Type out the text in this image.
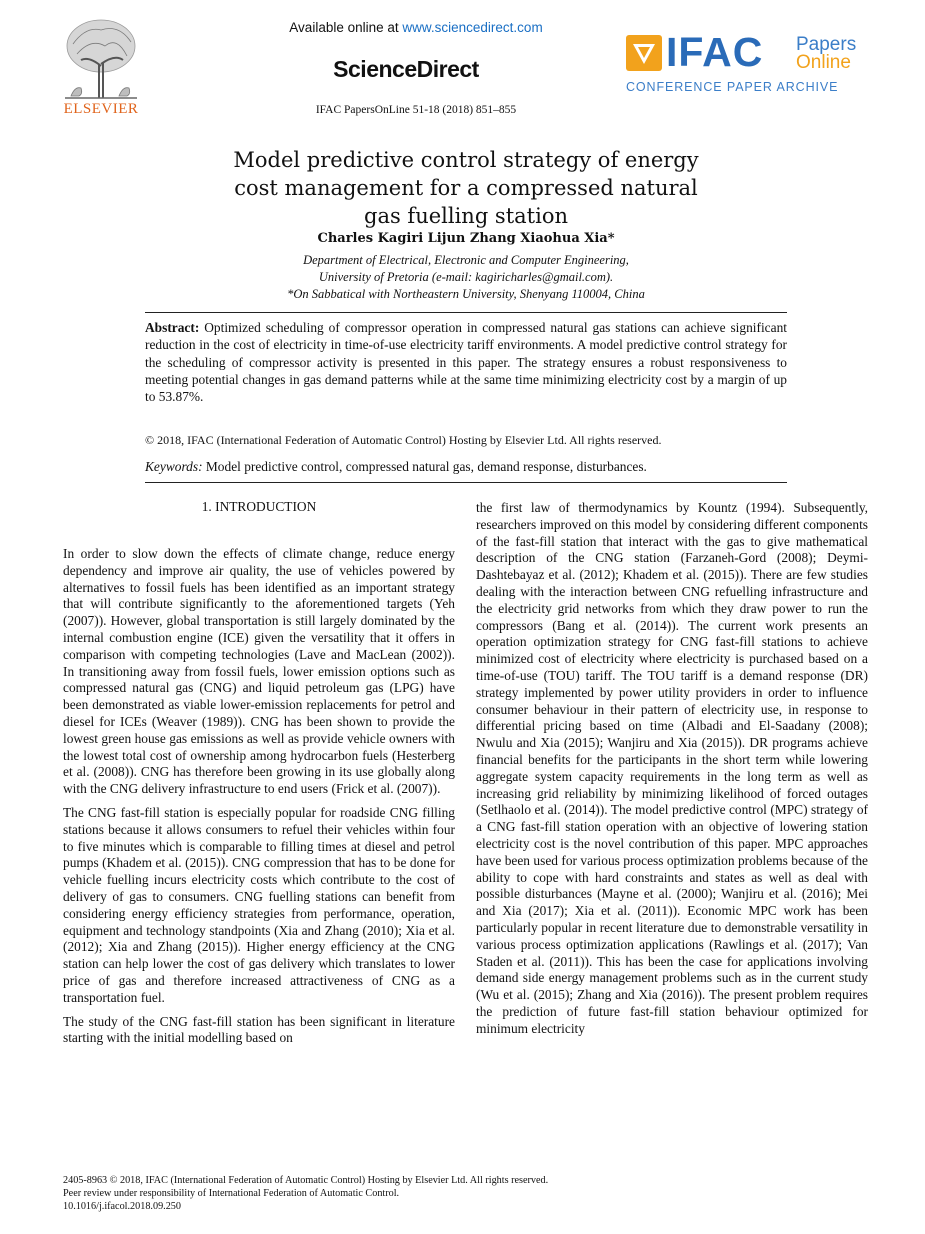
ELSEVIER
Available online at www.sciencedirect.com
ScienceDirect
IFAC PapersOnLine 51-18 (2018) 851–855
IFAC Papers
Online
CONFERENCE PAPER ARCHIVE
Model predictive control strategy of energy
cost management for a compressed natural
gas fuelling station
Charles Kagiri Lijun Zhang Xiaohua Xia*
Department of Electrical, Electronic and Computer Engineering,
University of Pretoria (e-mail: kagiricharles@gmail.com).
*On Sabbatical with Northeastern University, Shenyang 110004, China
Abstract: Optimized scheduling of compressor operation in compressed natural gas stations can achieve significant reduction in the cost of electricity in time-of-use electricity tariff environments. A model predictive control strategy for the scheduling of compressor activity is presented in this paper. The strategy ensures a robust responsiveness to meeting potential changes in gas demand patterns while at the same time minimizing electricity cost by a margin of up to 53.87%.
© 2018, IFAC (International Federation of Automatic Control) Hosting by Elsevier Ltd. All rights reserved.
Keywords: Model predictive control, compressed natural gas, demand response, disturbances.
1. INTRODUCTION

In order to slow down the effects of climate change, reduce energy dependency and improve air quality, the use of vehicles powered by alternatives to fossil fuels has been identified as an important strategy that will contribute significantly to the aforementioned targets (Yeh (2007)). However, global transportation is still largely dominated by the internal combustion engine (ICE) given the versatility that it offers in comparison with competing technologies (Lave and MacLean (2002)). In transitioning away from fossil fuels, lower emission options such as compressed natural gas (CNG) and liquid petroleum gas (LPG) have been demonstrated as viable lower-emission replacements for petrol and diesel for ICEs (Weaver (1989)). CNG has been shown to provide the lowest green house gas emissions as well as provide vehicle owners with the lowest total cost of ownership among hydrocarbon fuels (Hesterberg et al. (2008)). CNG has therefore been growing in its use globally along with the CNG delivery infrastructure to end users (Frick et al. (2007)).

The CNG fast-fill station is especially popular for roadside CNG filling stations because it allows consumers to refuel their vehicles within four to five minutes which is comparable to filling times at diesel and petrol pumps (Khadem et al. (2015)). CNG compression that has to be done for vehicle fuelling incurs electricity costs which contribute to the cost of delivery of gas to consumers. CNG fuelling stations can benefit from considering energy efficiency strategies from performance, operation, equipment and technology standpoints (Xia and Zhang (2010); Xia et al. (2012); Xia and Zhang (2015)). Higher energy efficiency at the CNG station can help lower the cost of gas delivery which translates to lower price of gas and therefore increased attractiveness of CNG as a transportation fuel.

The study of the CNG fast-fill station has been significant in literature starting with the initial modelling based on

the first law of thermodynamics by Kountz (1994). Subsequently, researchers improved on this model by considering different components of the fast-fill station that interact with the gas to give mathematical description of the CNG station (Farzaneh-Gord (2008); Deymi-Dashtebayaz et al. (2012); Khadem et al. (2015)). There are few studies dealing with the interaction between CNG refuelling infrastructure and the electricity grid networks from which they draw power to run the compressors (Bang et al. (2014)). The current work presents an operation optimization strategy for CNG fast-fill stations to achieve minimized cost of electricity where electricity is purchased based on a time-of-use (TOU) tariff. The TOU tariff is a demand response (DR) strategy implemented by power utility providers in order to influence consumer behaviour in their pattern of electricity use, in response to differential pricing based on time (Albadi and El-Saadany (2008); Nwulu and Xia (2015); Wanjiru and Xia (2015)). DR programs achieve financial benefits for the participants in the short term while lowering aggregate system capacity requirements in the long term as well as increasing grid reliability by minimizing likelihood of forced outages (Setlhaolo et al. (2014)). The model predictive control (MPC) strategy of a CNG fast-fill station operation with an objective of lowering station electricity cost is the novel contribution of this paper. MPC approaches have been used for various process optimization problems because of the ability to cope with hard constraints and states as well as deal with possible disturbances (Mayne et al. (2000); Wanjiru et al. (2016); Mei and Xia (2017); Xia et al. (2011)). Economic MPC work has been particularly popular in recent literature due to demonstrable versatility in various process optimization applications (Rawlings et al. (2017); Van Staden et al. (2011)). This has been the case for applications involving demand side energy management problems such as in the current study (Wu et al. (2015); Zhang and Xia (2016)). The present problem requires the prediction of future fast-fill station behaviour optimized for minimum electricity

2405-8963 © 2018, IFAC (International Federation of Automatic Control) Hosting by Elsevier Ltd. All rights reserved.
Peer review under responsibility of International Federation of Automatic Control.
10.1016/j.ifacol.2018.09.250
